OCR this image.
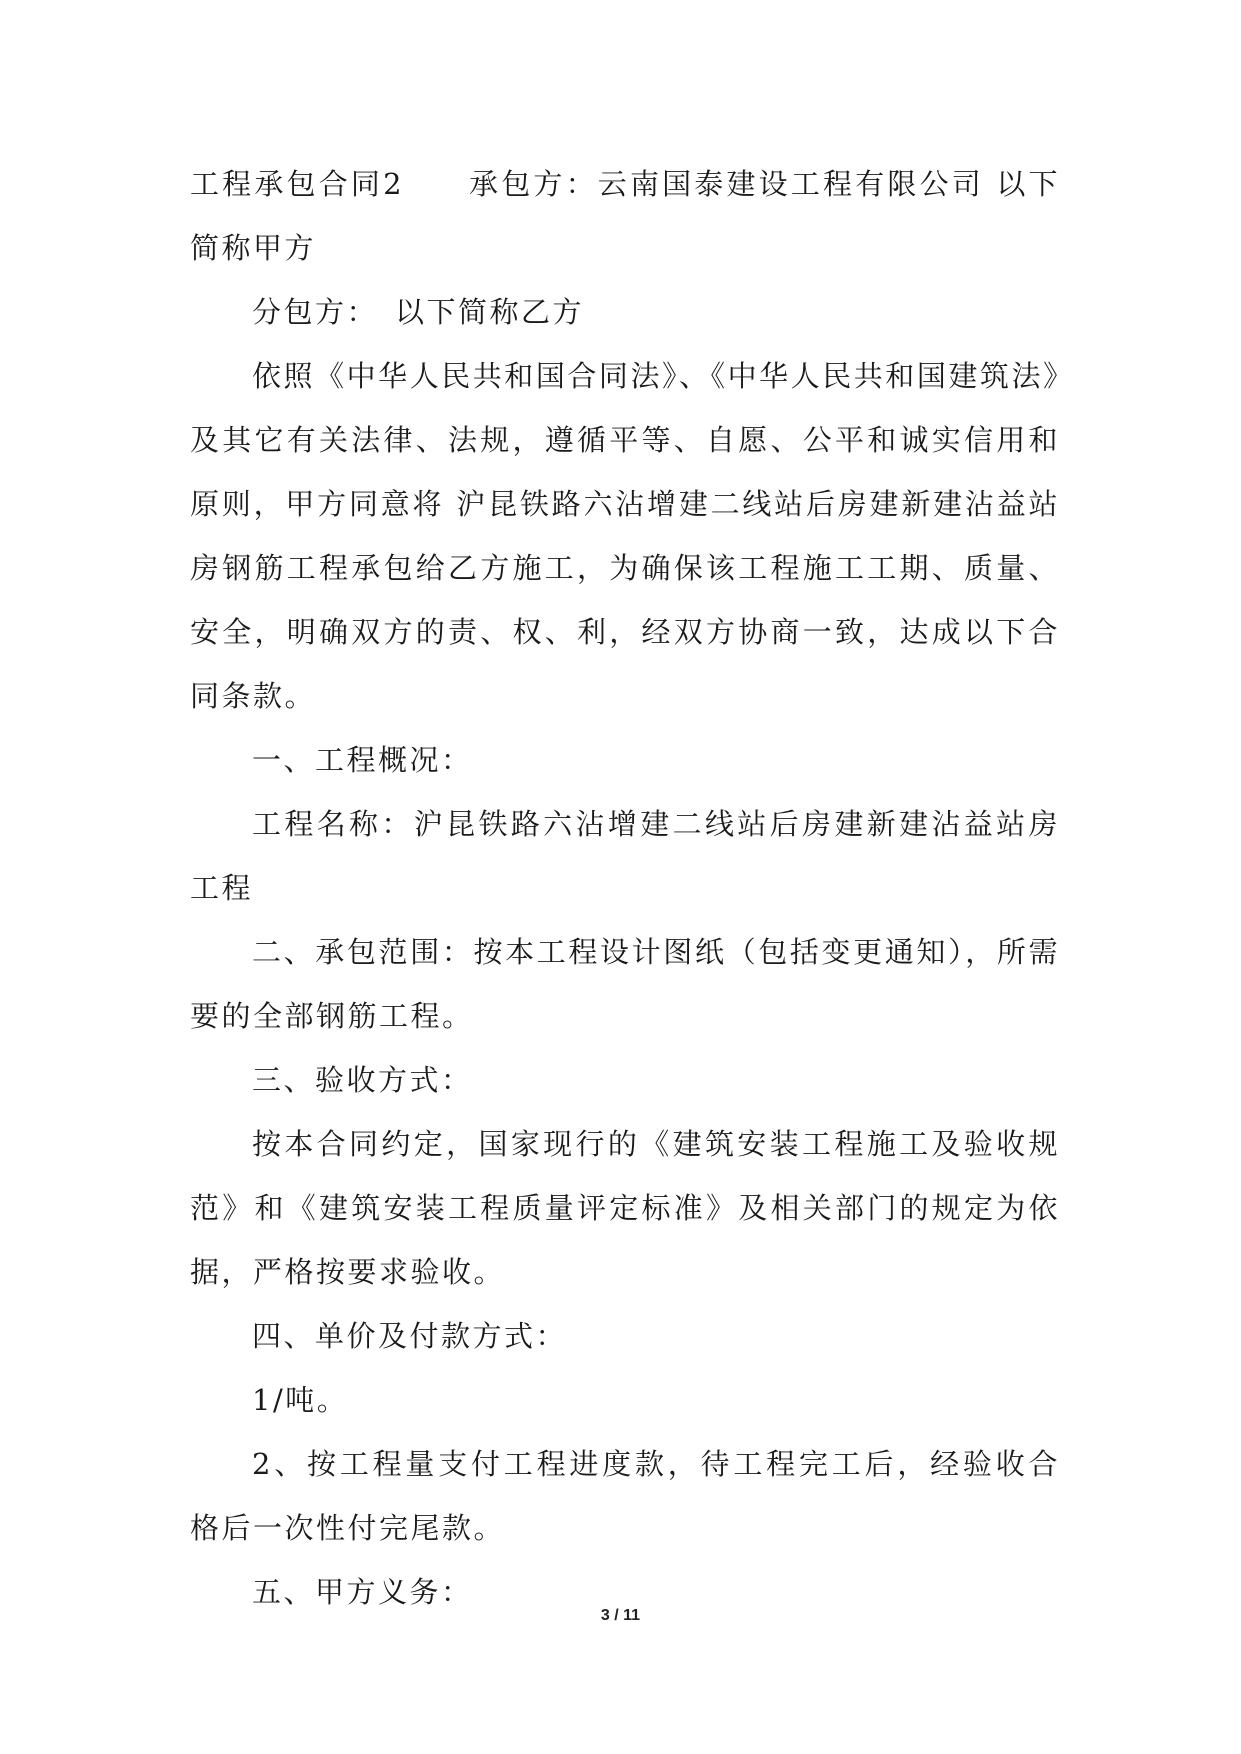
工程承包合同2　　承包方：云南国泰建设工程有限公司 以下简称甲方

分包方：　以下简称乙方

依照《中华人民共和国合同法》、《中华人民共和国建筑法》及其它有关法律、法规，遵循平等、自愿、公平和诚实信用和原则，甲方同意将 沪昆铁路六沾增建二线站后房建新建沾益站房钢筋工程承包给乙方施工，为确保该工程施工工期、质量、安全，明确双方的责、权、利，经双方协商一致，达成以下合同条款。

一、工程概况：

工程名称：沪昆铁路六沾增建二线站后房建新建沾益站房工程

二、承包范围：按本工程设计图纸（包括变更通知），所需要的全部钢筋工程。

三、验收方式：

按本合同约定，国家现行的《建筑安装工程施工及验收规范》和《建筑安装工程质量评定标准》及相关部门的规定为依据，严格按要求验收。

四、单价及付款方式：

1/吨。

2、按工程量支付工程进度款，待工程完工后，经验收合格后一次性付完尾款。

五、甲方义务：

3 / 11
